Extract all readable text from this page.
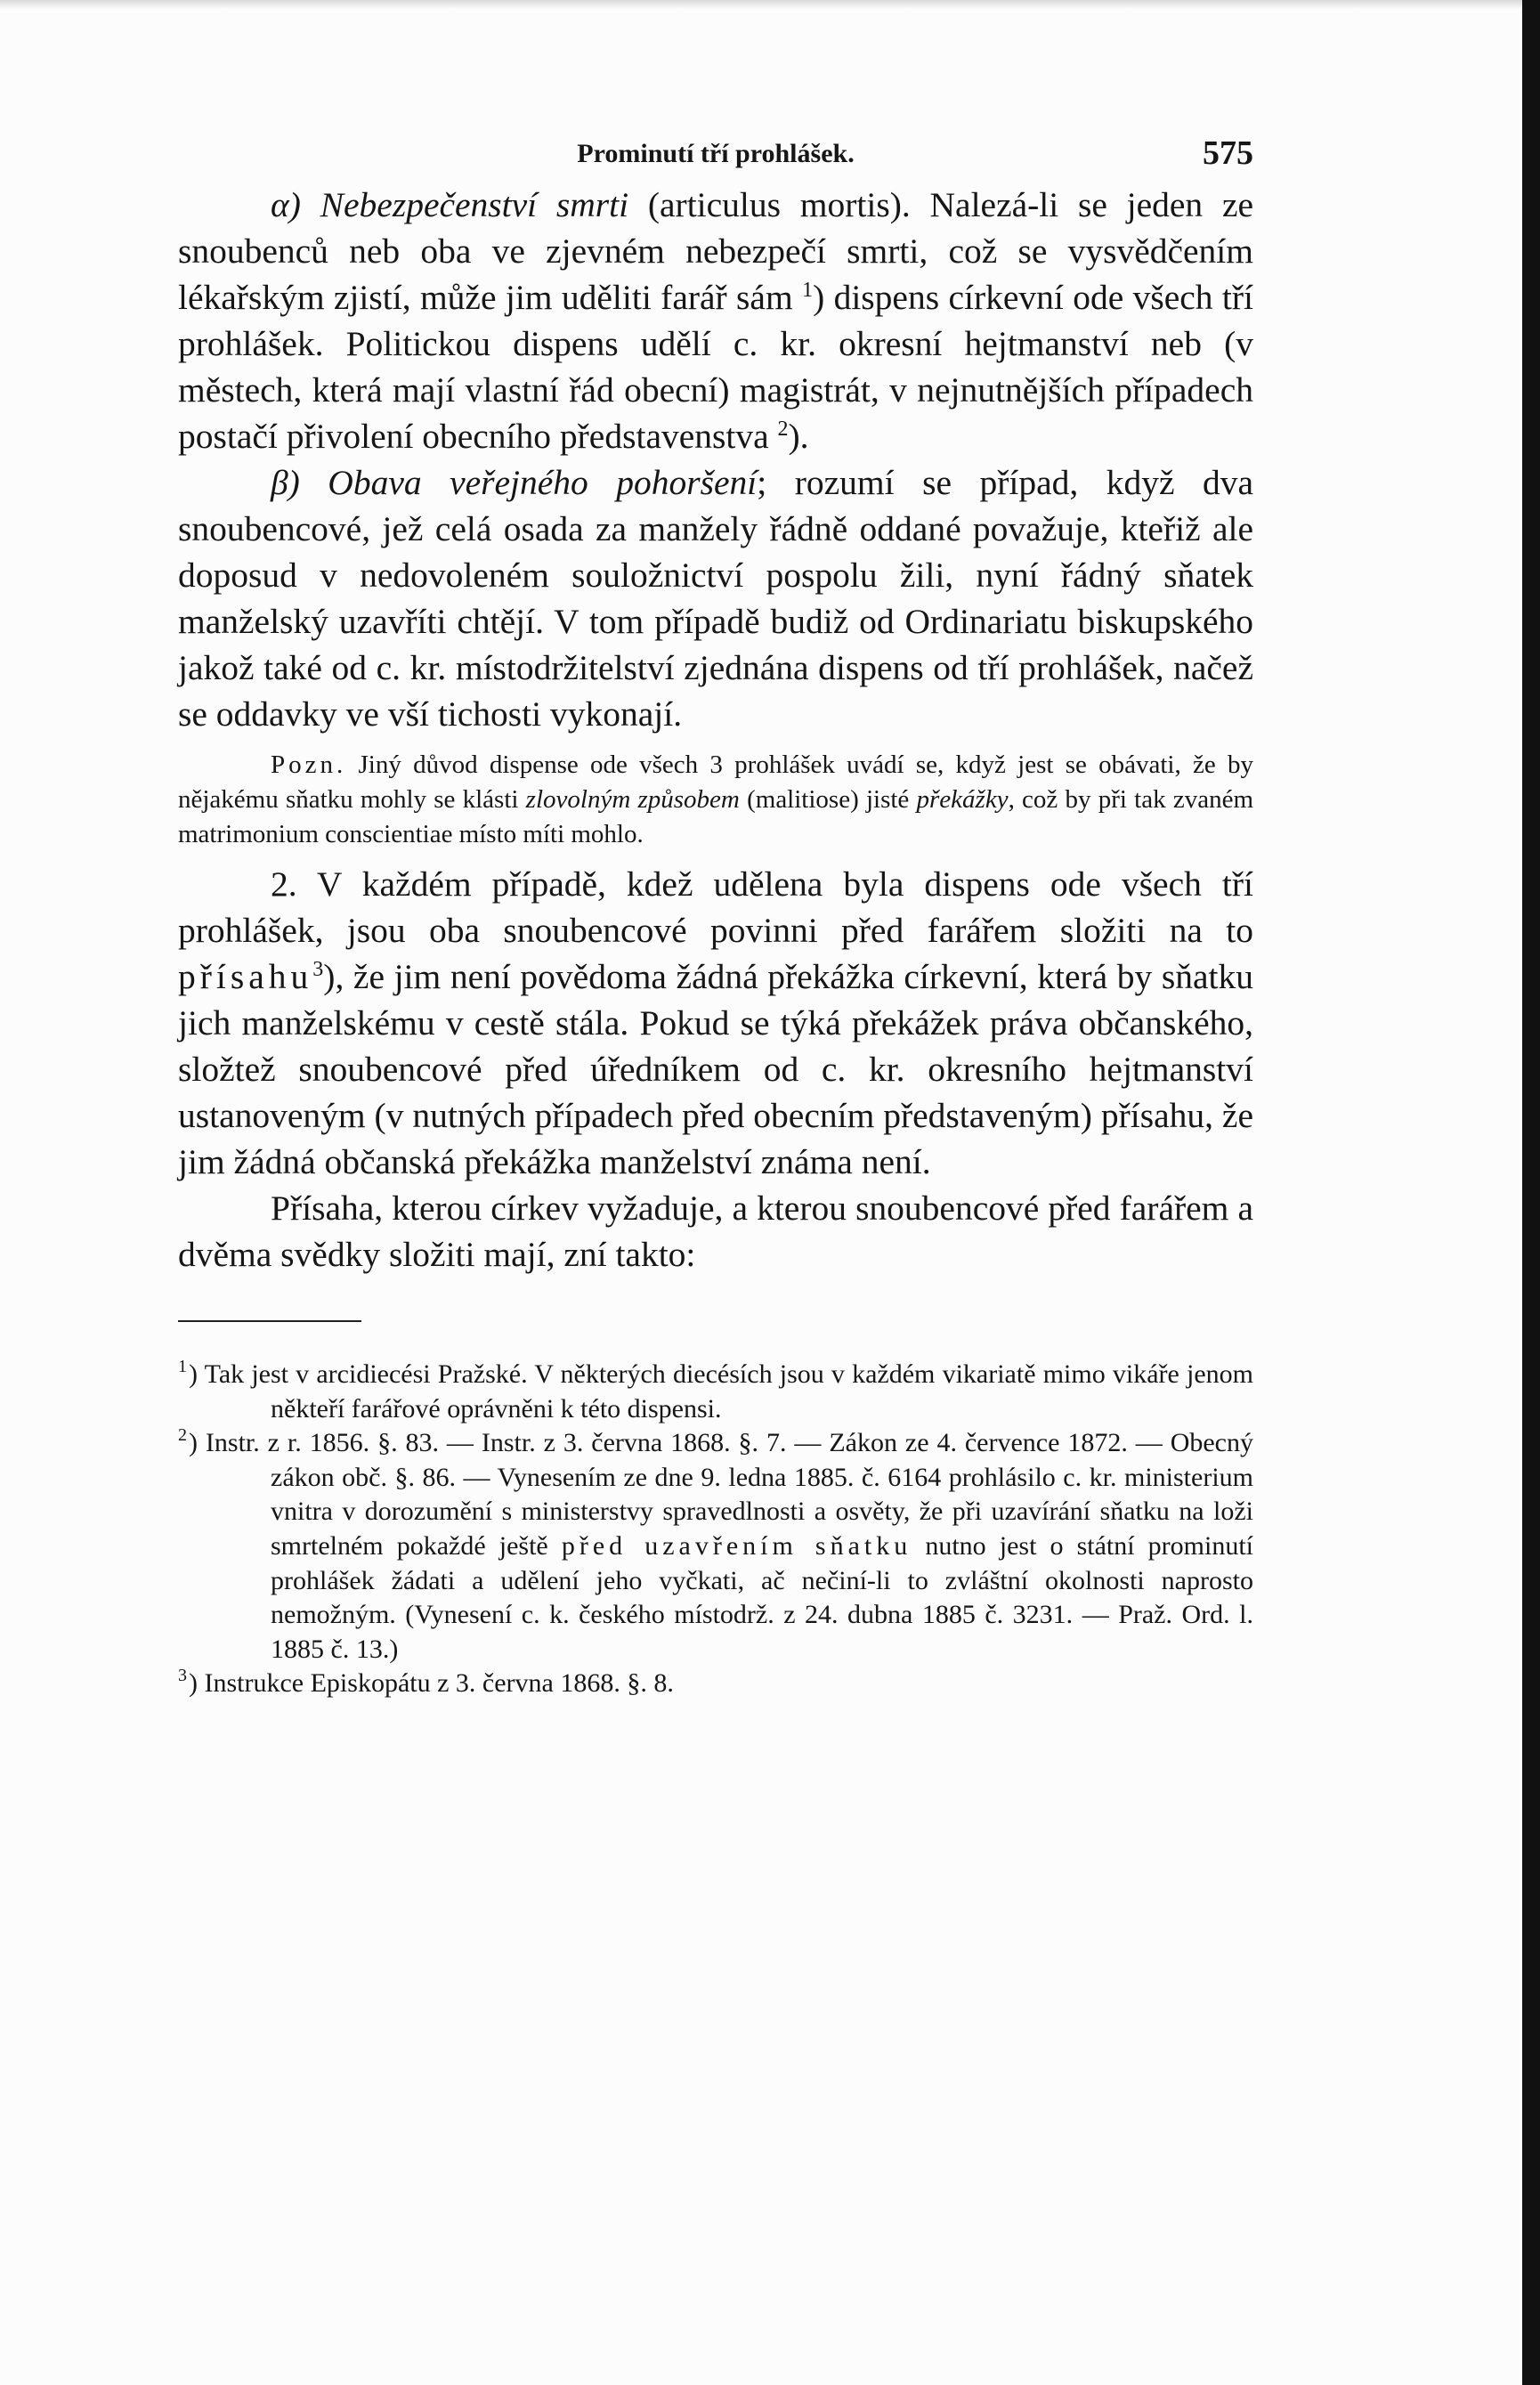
Prominutí tří prohlášek.	575

α) Nebezpečenství smrti (articulus mortis). Nalezá-li se jeden ze snoubenců neb oba ve zjevném nebezpečí smrti, což se vysvědčením lékařským zjistí, může jim uděliti farář sám $^1$) dispens církevní ode všech tří prohlášek. Politickou dispens udělí c. kr. okresní hejtmanství neb (v městech, která mají vlastní řád obecní) magistrát, v nejnutnějších případech postačí přivolení obecního představenstva $^2$).

β) Obava veřejného pohoršení; rozumí se případ, když dva snoubencové, jež celá osada za manžely řádně oddané považuje, kteřiž ale doposud v nedovoleném souložnictví pospolu žili, nyní řádný sňatek manželský uzavříti chtějí. V tom případě budiž od Ordinariatu biskupského jakož také od c. kr. místodržitelství zjednána dispens od tří prohlášek, načež se oddavky ve vší tichosti vykonají.

Pozn. Jiný důvod dispense ode všech 3 prohlášek uvádí se, když jest se obávati, že by nějakému sňatku mohly se klásti zlovolným způsobem (malitiose) jisté překážky, což by při tak zvaném matrimonium conscientiae místo míti mohlo.

2. V každém případě, kdež udělena byla dispens ode všech tří prohlášek, jsou oba snoubencové povinni před farářem složiti na to přísahu$^3$), že jim není povědoma žádná překážka církevní, která by sňatku jich manželskému v cestě stála. Pokud se týká překážek práva občanského, složtež snoubencové před úředníkem od c. kr. okresního hejtmanství ustanoveným (v nutných případech před obecním představeným) přísahu, že jim žádná občanská překážka manželství známa není.

Přísaha, kterou církev vyžaduje, a kterou snoubencové před farářem a dvěma svědky složiti mají, zní takto:

$^1$) Tak jest v arcidiecési Pražské. V některých diecésích jsou v každém vikariatě mimo vikáře jenom někteří farářové oprávněni k této dispensi.
$^2$) Instr. z r. 1856. §. 83. — Instr. z 3. června 1868. §. 7. — Zákon ze 4. července 1872. — Obecný zákon obč. §. 86. — Vynesením ze dne 9. ledna 1885. č. 6164 prohlásilo c. kr. ministerium vnitra v dorozumění s ministerstvy spravedlnosti a osvěty, že při uzavírání sňatku na loži smrtelném pokaždé ještě před uzavřením sňatku nutno jest o státní prominutí prohlášek žádati a udělení jeho vyčkati, ač nečiní-li to zvláštní okolnosti naprosto nemožným. (Vynesení c. k. českého místodrž. z 24. dubna 1885 č. 3231. — Praž. Ord. l. 1885 č. 13.)
$^3$) Instrukce Episkopátu z 3. června 1868. §. 8.
